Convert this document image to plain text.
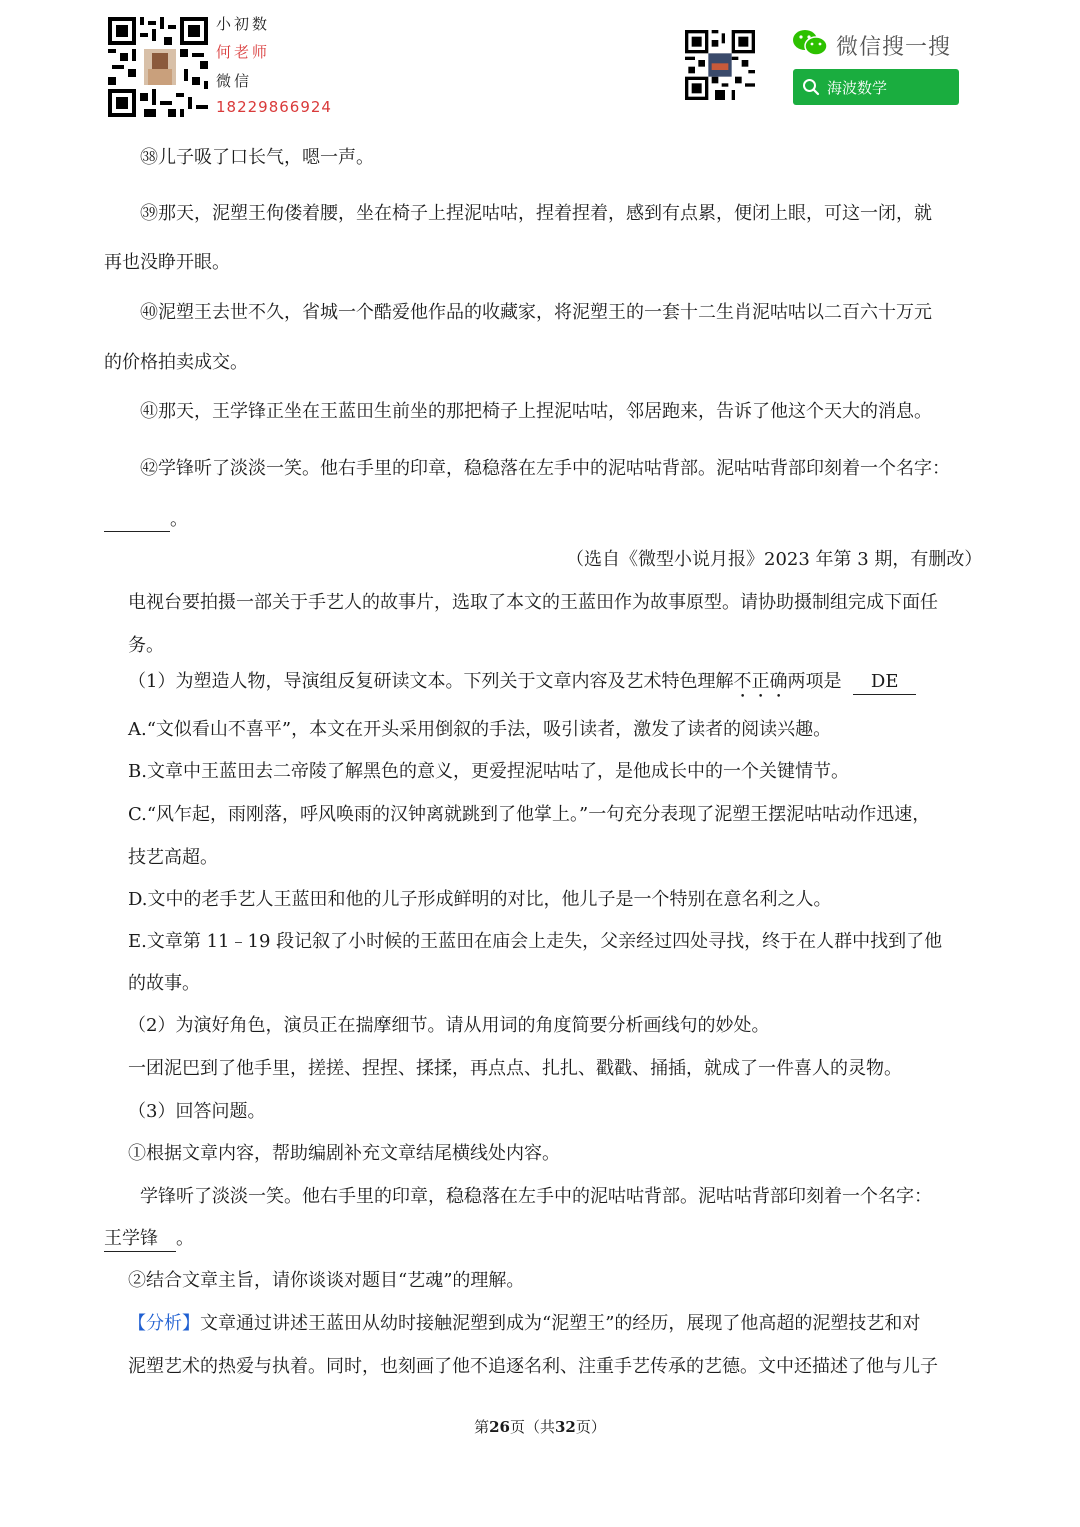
小初数
何老师
微信
18229866924
微信搜一搜
海波数学
㊳儿子吸了口长气，嗯一声。
㊴那天，泥塑王佝偻着腰，坐在椅子上捏泥咕咕，捏着捏着，感到有点累，便闭上眼，可这一闭，就
再也没睁开眼。
㊵泥塑王去世不久，省城一个酷爱他作品的收藏家，将泥塑王的一套十二生肖泥咕咕以二百六十万元
的价格拍卖成交。
㊶那天，王学锋正坐在王蓝田生前坐的那把椅子上捏泥咕咕，邻居跑来，告诉了他这个天大的消息。
㊷学锋听了淡淡一笑。他右手里的印章，稳稳落在左手中的泥咕咕背部。泥咕咕背部印刻着一个名字：
。
（选自《微型小说月报》2023 年第 3 期，有删改）
电视台要拍摄一部关于手艺人的故事片，选取了本文的王蓝田作为故事原型。请协助摄制组完成下面任
务。
（1）为塑造人物，导演组反复研读文本。下列关于文章内容及艺术特色理解不正确两项是 DE
A.“文似看山不喜平”，本文在开头采用倒叙的手法，吸引读者，激发了读者的阅读兴趣。
B.文章中王蓝田去二帝陵了解黑色的意义，更爱捏泥咕咕了，是他成长中的一个关键情节。
C.“风乍起，雨刚落，呼风唤雨的汉钟离就跳到了他掌上。”一句充分表现了泥塑王摆泥咕咕动作迅速，
技艺高超。
D.文中的老手艺人王蓝田和他的儿子形成鲜明的对比，他儿子是一个特别在意名利之人。
E.文章第 11﹣19 段记叙了小时候的王蓝田在庙会上走失，父亲经过四处寻找，终于在人群中找到了他
的故事。
（2）为演好角色，演员正在揣摩细节。请从用词的角度简要分析画线句的妙处。
一团泥巴到了他手里，搓搓、捏捏、揉揉，再点点、扎扎、戳戳、捅插，就成了一件喜人的灵物。
（3）回答问题。
①根据文章内容，帮助编剧补充文章结尾横线处内容。
学锋听了淡淡一笑。他右手里的印章，稳稳落在左手中的泥咕咕背部。泥咕咕背部印刻着一个名字：
王学锋 。
②结合文章主旨，请你谈谈对题目“艺魂”的理解。
【分析】文章通过讲述王蓝田从幼时接触泥塑到成为“泥塑王”的经历，展现了他高超的泥塑技艺和对
泥塑艺术的热爱与执着。同时，也刻画了他不追逐名利、注重手艺传承的艺德。文中还描述了他与儿子
第26页（共32页）
